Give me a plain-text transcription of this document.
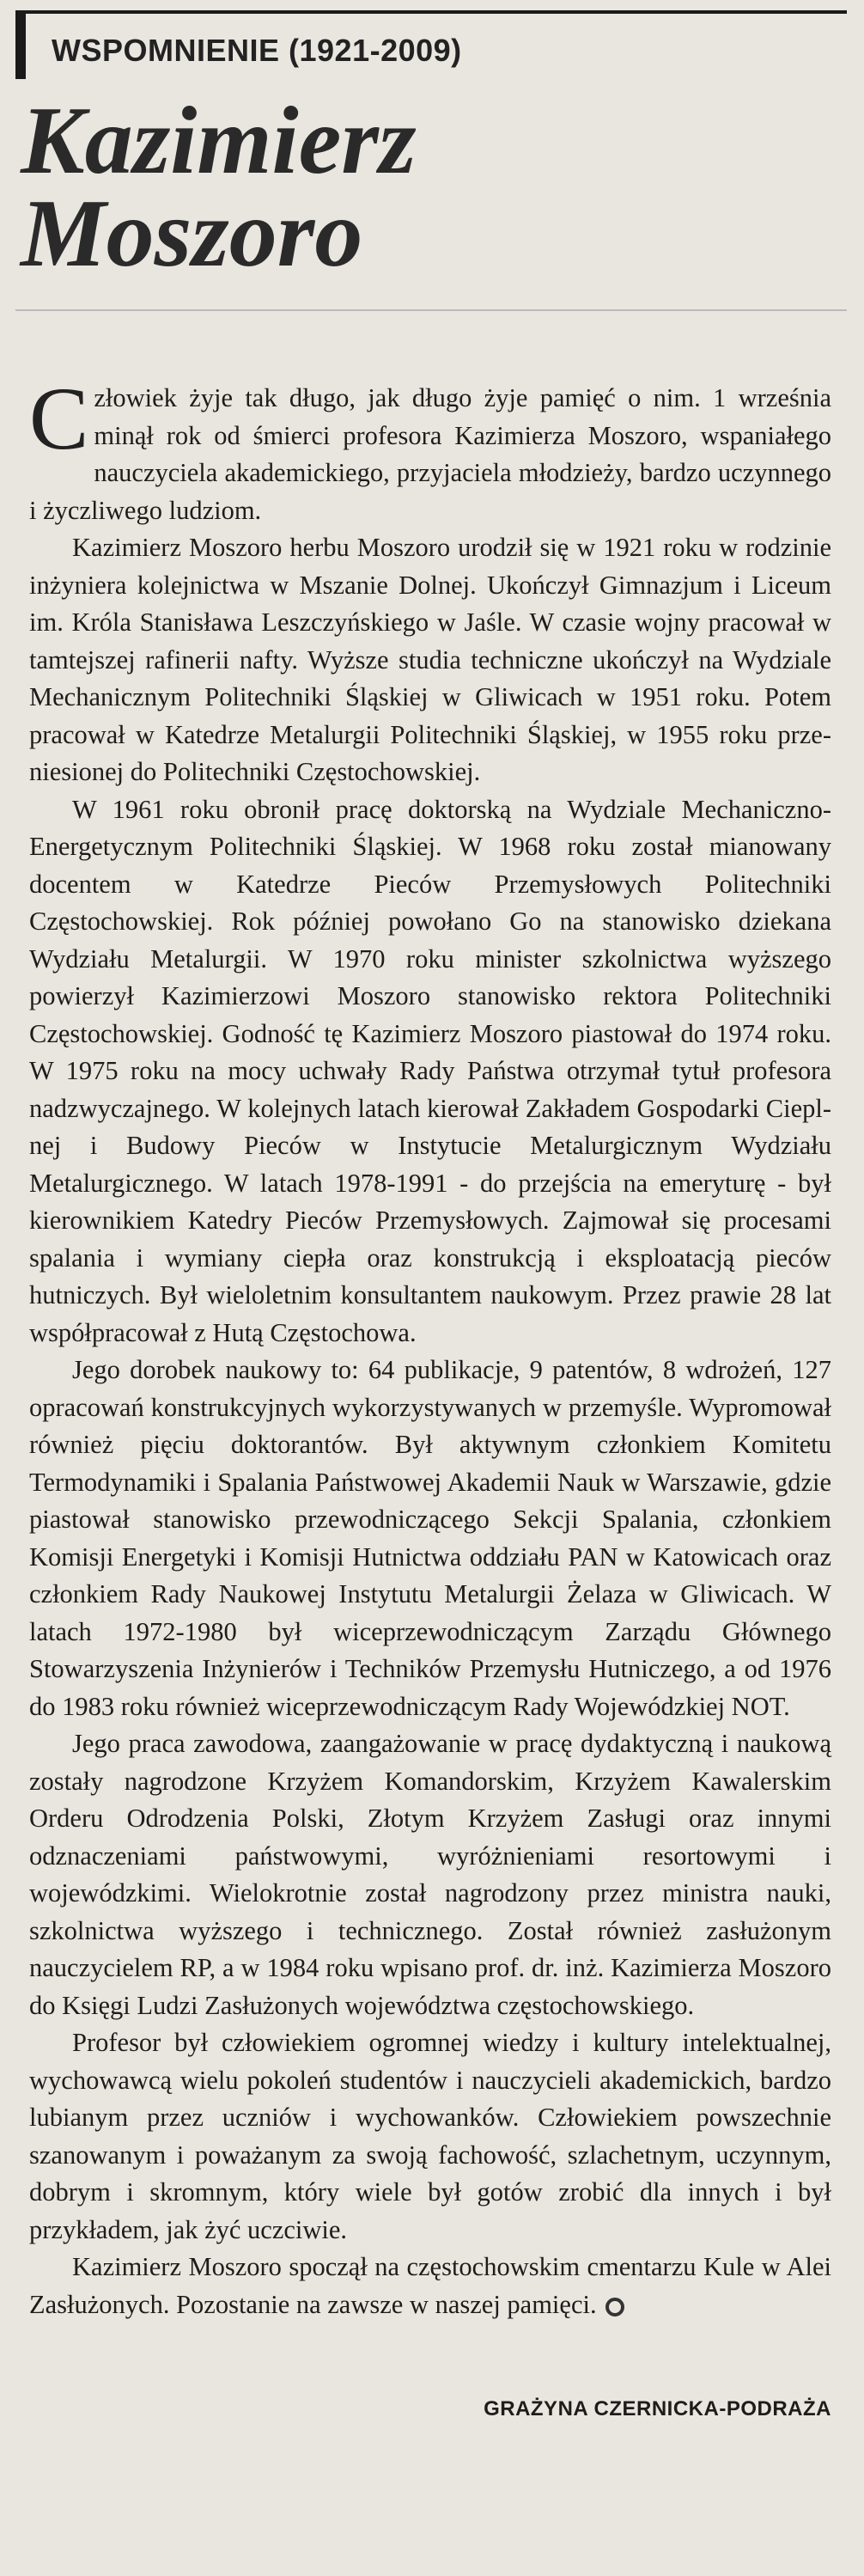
WSPOMNIENIE (1921-2009)
Kazimierz
Moszoro

Człowiek żyje tak długo, jak długo żyje pamięć o nim. 1 września minął rok od śmierci profesora Kazimierza Moszoro, wspaniałego nauczyciela akademickiego, przyjaciela młodzieży, bardzo uczynnego i życzliwego ludziom.

Kazimierz Moszoro herbu Moszoro urodził się w 1921 roku w rodzinie inżyniera kolejnictwa w Mszanie Dolnej. Ukończył Gimnazjum i Liceum im. Króla Stanisława Leszczyńskiego w Jaśle. W czasie wojny pracował w tamtejszej rafinerii nafty. Wyższe studia techniczne ukończył na Wydziale Mechanicznym Politechniki Śląskiej w Gliwicach w 1951 roku. Potem pracował w Katedrze Metalurgii Politechniki Śląskiej, w 1955 roku przeniesionej do Politechniki Częstochowskiej.

W 1961 roku obronił pracę doktorską na Wydziale Mechaniczno-Energetycznym Politechniki Śląskiej. W 1968 roku został mianowany docentem w Katedrze Pieców Przemysłowych Politechniki Częstochowskiej. Rok później powołano Go na stanowisko dziekana Wydziału Metalurgii. W 1970 roku minister szkolnictwa wyższego powierzył Kazimierzowi Moszoro stanowisko rektora Politechniki Częstochowskiej. Godność tę Kazimierz Moszoro piastował do 1974 roku. W 1975 roku na mocy uchwały Rady Państwa otrzymał tytuł profesora nadzwyczajnego. W kolejnych latach kierował Zakładem Gospodarki Cieplnej i Budowy Pieców w Instytucie Metalurgicznym Wydziału Metalurgicznego. W latach 1978-1991 - do przejścia na emeryturę - był kierownikiem Katedry Pieców Przemysłowych. Zajmował się procesami spalania i wymiany ciepła oraz konstrukcją i eksploatacją pieców hutniczych. Był wieloletnim konsultantem naukowym. Przez prawie 28 lat współpracował z Hutą Częstochowa.

Jego dorobek naukowy to: 64 publikacje, 9 patentów, 8 wdrożeń, 127 opracowań konstrukcyjnych wykorzystywanych w przemyśle. Wypromował również pięciu doktorantów. Był aktywnym członkiem Komitetu Termodynamiki i Spalania Państwowej Akademii Nauk w Warszawie, gdzie piastował stanowisko przewodniczącego Sekcji Spalania, członkiem Komisji Energetyki i Komisji Hutnictwa oddziału PAN w Katowicach oraz członkiem Rady Naukowej Instytutu Metalurgii Żelaza w Gliwicach. W latach 1972-1980 był wiceprzewodniczącym Zarządu Głównego Stowarzyszenia Inżynierów i Techników Przemysłu Hutniczego, a od 1976 do 1983 roku również wiceprzewodniczącym Rady Wojewódzkiej NOT.

Jego praca zawodowa, zaangażowanie w pracę dydaktyczną i naukową zostały nagrodzone Krzyżem Komandorskim, Krzyżem Kawalerskim Orderu Odrodzenia Polski, Złotym Krzyżem Zasługi oraz innymi odznaczeniami państwowymi, wyróżnieniami resortowymi i wojewódzkimi. Wielokrotnie został nagrodzony przez ministra nauki, szkolnictwa wyższego i technicznego. Został również zasłużonym nauczycielem RP, a w 1984 roku wpisano prof. dr. inż. Kazimierza Moszoro do Księgi Ludzi Zasłużonych województwa częstochowskiego.

Profesor był człowiekiem ogromnej wiedzy i kultury intelektualnej, wychowawcą wielu pokoleń studentów i nauczycieli akademickich, bardzo lubianym przez uczniów i wychowanków. Człowiekiem powszechnie szanowanym i poważanym za swoją fachowość, szlachetnym, uczynnym, dobrym i skromnym, który wiele był gotów zrobić dla innych i był przykładem, jak żyć uczciwie.

Kazimierz Moszoro spoczął na częstochowskim cmentarzu Kule w Alei Zasłużonych. Pozostanie na zawsze w naszej pamięci.

GRAŻYNA CZERNICKA-PODRAŻA
